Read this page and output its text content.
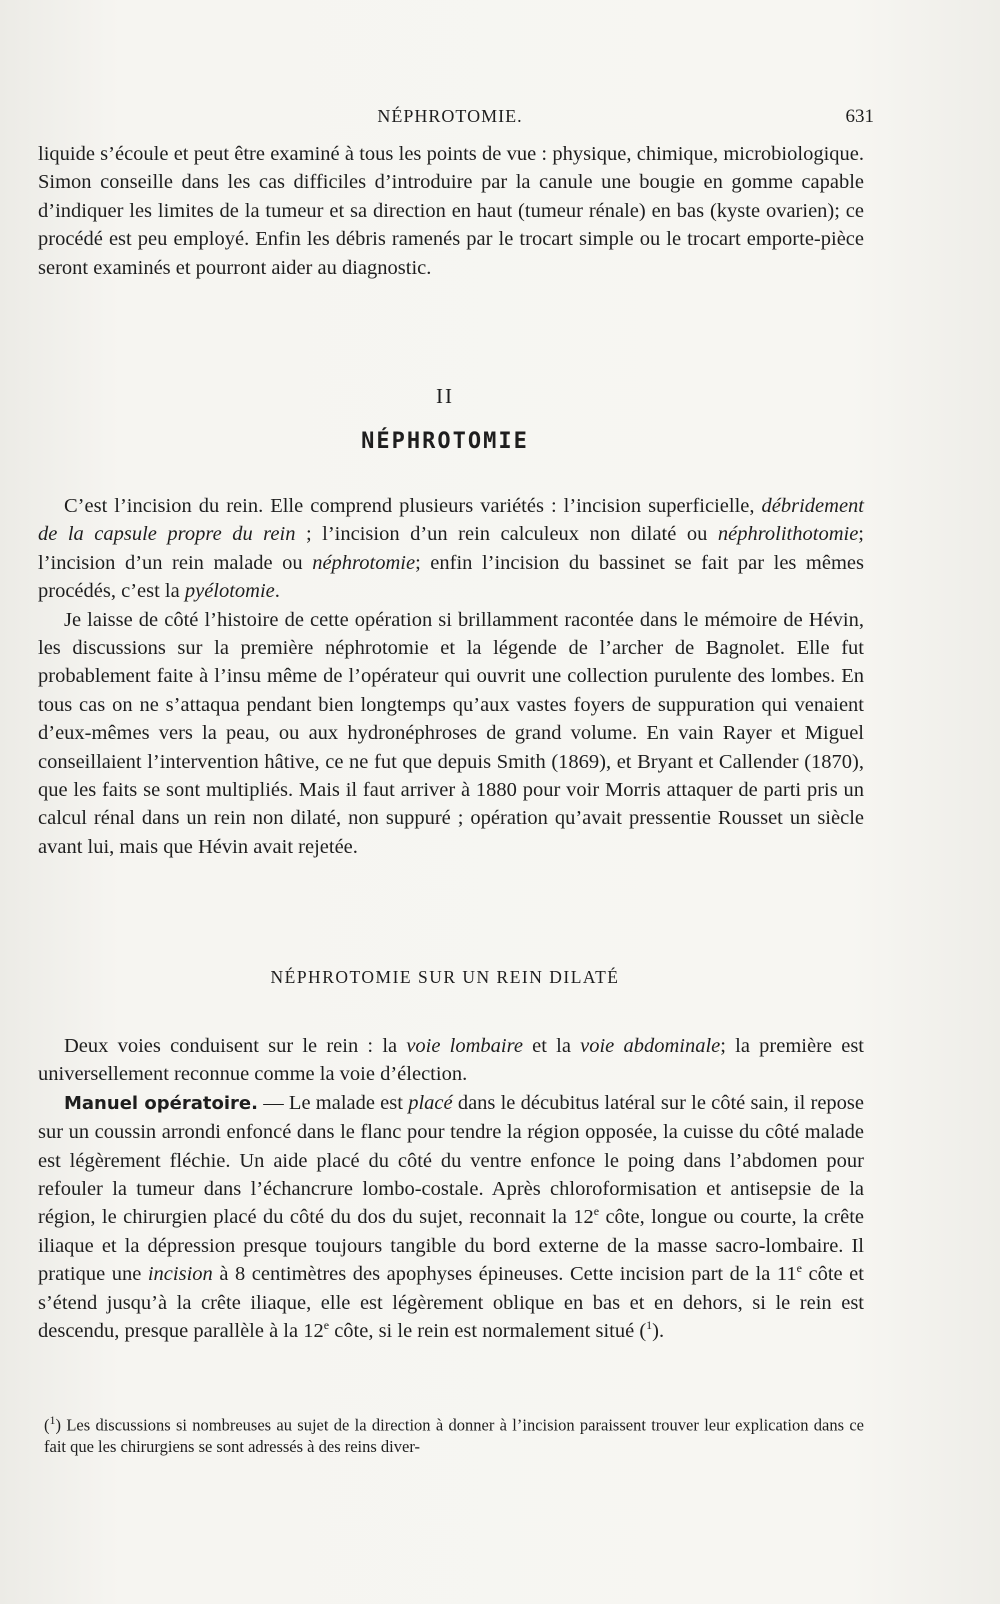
NÉPHROTOMIE.	631

liquide s’écoule et peut être examiné à tous les points de vue : physique, chimique, microbiologique. Simon conseille dans les cas difficiles d’introduire par la canule une bougie en gomme capable d’indiquer les limites de la tumeur et sa direction en haut (tumeur rénale) en bas (kyste ovarien); ce procédé est peu employé. Enfin les débris ramenés par le trocart simple ou le trocart emporte-pièce seront examinés et pourront aider au diagnostic.

II
NÉPHROTOMIE

C’est l’incision du rein. Elle comprend plusieurs variétés : l’incision superficielle, débridement de la capsule propre du rein ; l’incision d’un rein calculeux non dilaté ou néphrolithotomie; l’incision d’un rein malade ou néphrotomie; enfin l’incision du bassinet se fait par les mêmes procédés, c’est la pyélotomie.

Je laisse de côté l’histoire de cette opération si brillamment racontée dans le mémoire de Hévin, les discussions sur la première néphrotomie et la légende de l’archer de Bagnolet. Elle fut probablement faite à l’insu même de l’opérateur qui ouvrit une collection purulente des lombes. En tous cas on ne s’attaqua pendant bien longtemps qu’aux vastes foyers de suppuration qui venaient d’eux-mêmes vers la peau, ou aux hydronéphroses de grand volume. En vain Rayer et Miguel conseillaient l’intervention hâtive, ce ne fut que depuis Smith (1869), et Bryant et Callender (1870), que les faits se sont multipliés. Mais il faut arriver à 1880 pour voir Morris attaquer de parti pris un calcul rénal dans un rein non dilaté, non suppuré ; opération qu’avait pressentie Rousset un siècle avant lui, mais que Hévin avait rejetée.

NÉPHROTOMIE SUR UN REIN DILATÉ

Deux voies conduisent sur le rein : la voie lombaire et la voie abdominale; la première est universellement reconnue comme la voie d’élection.

Manuel opératoire. — Le malade est placé dans le décubitus latéral sur le côté sain, il repose sur un coussin arrondi enfoncé dans le flanc pour tendre la région opposée, la cuisse du côté malade est légèrement fléchie. Un aide placé du côté du ventre enfonce le poing dans l’abdomen pour refouler la tumeur dans l’échancrure lombo-costale. Après chloroformisation et antisepsie de la région, le chirurgien placé du côté du dos du sujet, reconnait la 12e côte, longue ou courte, la crête iliaque et la dépression presque toujours tangible du bord externe de la masse sacro-lombaire. Il pratique une incision à 8 centimètres des apophyses épineuses. Cette incision part de la 11e côte et s’étend jusqu’à la crête iliaque, elle est légèrement oblique en bas et en dehors, si le rein est descendu, presque parallèle à la 12e côte, si le rein est normalement situé ($^1$).

($^1$) Les discussions si nombreuses au sujet de la direction à donner à l’incision paraissent trouver leur explication dans ce fait que les chirurgiens se sont adressés à des reins diver-
